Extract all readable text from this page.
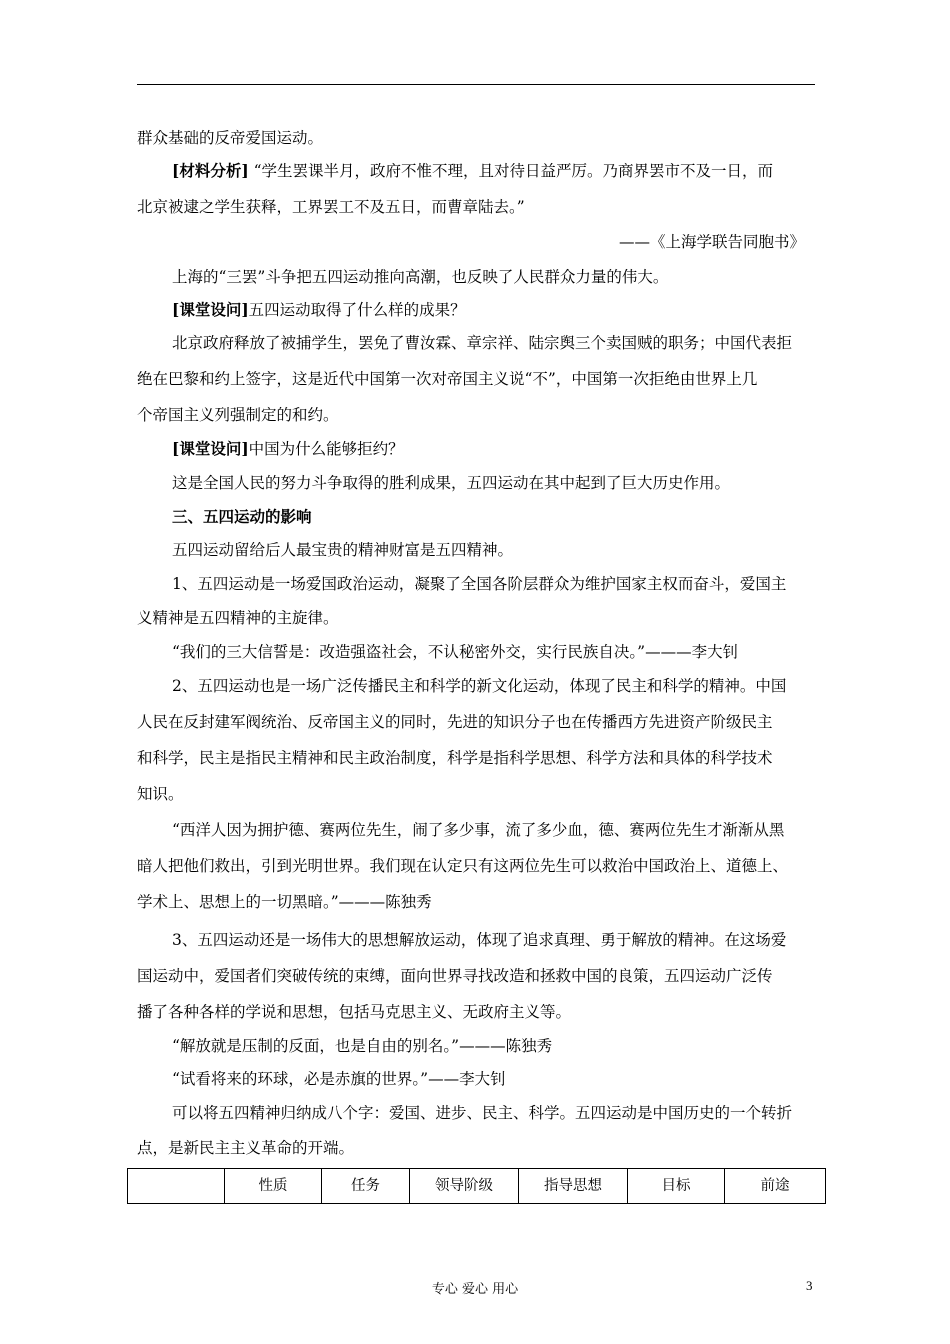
群众基础的反帝爱国运动。
[材料分析] “学生罢课半月，政府不惟不理，且对待日益严厉。乃商界罢市不及一日，而
北京被逮之学生获释，工界罢工不及五日，而曹章陆去。”
——《上海学联告同胞书》
上海的“三罢”斗争把五四运动推向高潮，也反映了人民群众力量的伟大。
[课堂设问]五四运动取得了什么样的成果？
北京政府释放了被捕学生，罢免了曹汝霖、章宗祥、陆宗舆三个卖国贼的职务；中国代表拒
绝在巴黎和约上签字，这是近代中国第一次对帝国主义说“不”，中国第一次拒绝由世界上几
个帝国主义列强制定的和约。
[课堂设问]中国为什么能够拒约？
这是全国人民的努力斗争取得的胜利成果，五四运动在其中起到了巨大历史作用。
三、五四运动的影响
五四运动留给后人最宝贵的精神财富是五四精神。
1、五四运动是一场爱国政治运动，凝聚了全国各阶层群众为维护国家主权而奋斗，爱国主
义精神是五四精神的主旋律。
“我们的三大信誓是：改造强盗社会，不认秘密外交，实行民族自决。”———李大钊
2、五四运动也是一场广泛传播民主和科学的新文化运动，体现了民主和科学的精神。中国
人民在反封建军阀统治、反帝国主义的同时，先进的知识分子也在传播西方先进资产阶级民主
和科学，民主是指民主精神和民主政治制度，科学是指科学思想、科学方法和具体的科学技术
知识。
“西洋人因为拥护德、赛两位先生，闹了多少事，流了多少血，德、赛两位先生才渐渐从黑
暗人把他们救出，引到光明世界。我们现在认定只有这两位先生可以救治中国政治上、道德上、
学术上、思想上的一切黑暗。”———陈独秀
3、五四运动还是一场伟大的思想解放运动，体现了追求真理、勇于解放的精神。在这场爱
国运动中，爱国者们突破传统的束缚，面向世界寻找改造和拯救中国的良策，五四运动广泛传
播了各种各样的学说和思想，包括马克思主义、无政府主义等。
“解放就是压制的反面，也是自由的别名。”———陈独秀
“试看将来的环球，必是赤旗的世界。”——李大钊
可以将五四精神归纳成八个字：爱国、进步、民主、科学。五四运动是中国历史的一个转折
点，是新民主主义革命的开端。
	性质	任务	领导阶级	指导思想	目标	前途
专心 爱心 用心	3
